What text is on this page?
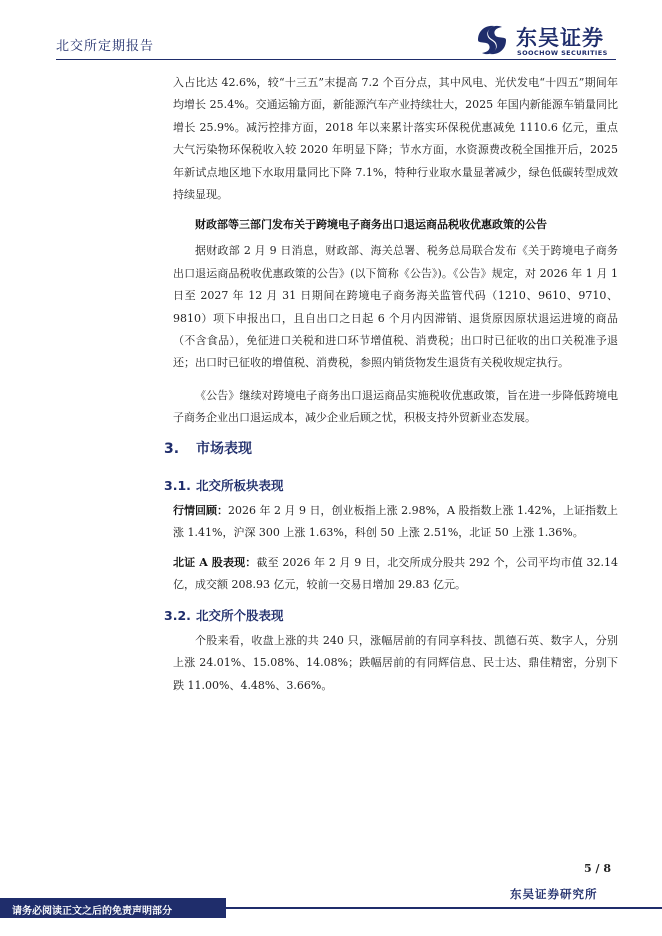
北交所定期报告	东吴证券
SOOCHOW SECURITIES

入占比达 42.6%，较“十三五”末提高 7.2 个百分点，其中风电、光伏发电“十四五”期间年均增长 25.4%。交通运输方面，新能源汽车产业持续壮大，2025 年国内新能源车销量同比增长 25.9%。减污控排方面，2018 年以来累计落实环保税优惠减免 1110.6 亿元，重点大气污染物环保税收入较 2020 年明显下降；节水方面，水资源费改税全国推开后，2025 年新试点地区地下水取用量同比下降 7.1%，特种行业取水量显著减少，绿色低碳转型成效持续显现。

财政部等三部门发布关于跨境电子商务出口退运商品税收优惠政策的公告

据财政部 2 月 9 日消息，财政部、海关总署、税务总局联合发布《关于跨境电子商务出口退运商品税收优惠政策的公告》(以下简称《公告》)。《公告》规定，对 2026 年 1 月 1 日至 2027 年 12 月 31 日期间在跨境电子商务海关监管代码（1210、9610、9710、9810）项下申报出口，且自出口之日起 6 个月内因滞销、退货原因原状退运进境的商品（不含食品），免征进口关税和进口环节增值税、消费税；出口时已征收的出口关税准予退还；出口时已征收的增值税、消费税，参照内销货物发生退货有关税收规定执行。

《公告》继续对跨境电子商务出口退运商品实施税收优惠政策，旨在进一步降低跨境电子商务企业出口退运成本，减少企业后顾之忧，积极支持外贸新业态发展。

3. 市场表现
3.1. 北交所板块表现

行情回顾：2026 年 2 月 9 日，创业板指上涨 2.98%，A 股指数上涨 1.42%，上证指数上涨 1.41%，沪深 300 上涨 1.63%，科创 50 上涨 2.51%，北证 50 上涨 1.36%。

北证 A 股表现：截至 2026 年 2 月 9 日，北交所成分股共 292 个，公司平均市值 32.14 亿，成交额 208.93 亿元，较前一交易日增加 29.83 亿元。

3.2. 北交所个股表现

个股来看，收盘上涨的共 240 只，涨幅居前的有同享科技、凯德石英、数字人，分别上涨 24.01%、15.08%、14.08%；跌幅居前的有同辉信息、民士达、鼎佳精密，分别下跌 11.00%、4.48%、3.66%。

5 / 8
东吴证券研究所
请务必阅读正文之后的免责声明部分
